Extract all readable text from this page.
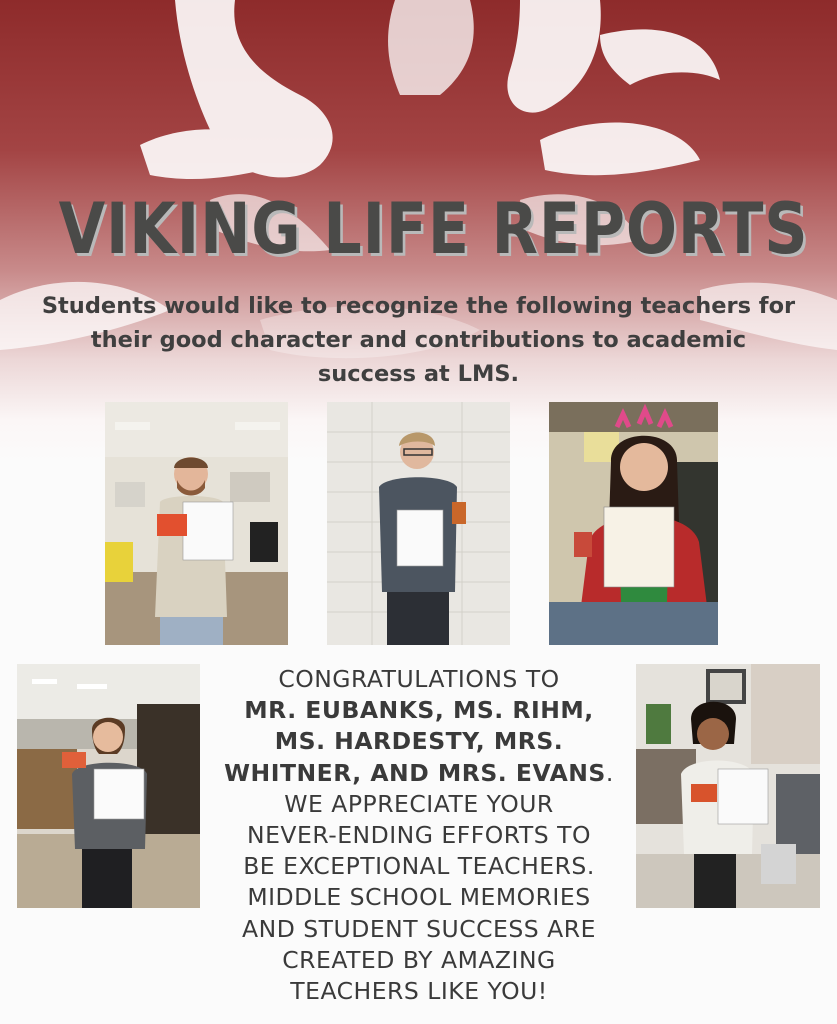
VIKING LIFE REPORTS
Students would like to recognize the following teachers for
their good character and contributions to academic
success at LMS.
CONGRATULATIONS TO
MR. EUBANKS, MS. RIHM,
MS. HARDESTY, MRS.
WHITNER, AND MRS. EVANS.
WE APPRECIATE YOUR
NEVER-ENDING EFFORTS TO
BE EXCEPTIONAL TEACHERS.
MIDDLE SCHOOL MEMORIES
AND STUDENT SUCCESS ARE
CREATED BY AMAZING
TEACHERS LIKE YOU!
